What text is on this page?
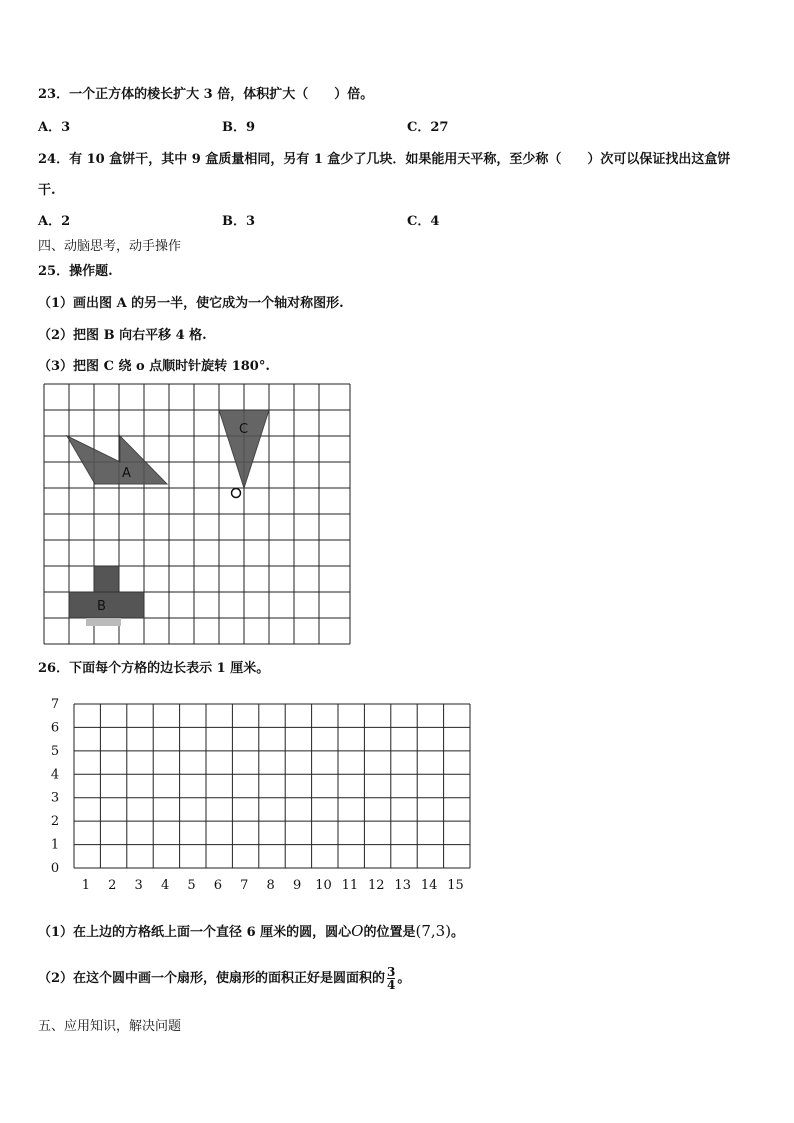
23．一个正方体的棱长扩大 3 倍，体积扩大（　　）倍。
A．3	B．9	C．27
24．有 10 盒饼干，其中 9 盒质量相同，另有 1 盒少了几块．如果能用天平称，至少称（　　）次可以保证找出这盒饼
干.
A．2	B．3	C．4
四、动脑思考，动手操作
25．操作题.
（1）画出图 A 的另一半，使它成为一个轴对称图形.
（2）把图 B 向右平移 4 格.
（3）把图 C 绕 o 点顺时针旋转 180°.
A
B
C
26．下面每个方格的边长表示 1 厘米。
0
1
2
3
4
5
6
7
1 2 3 4 5 6 7 8 9 10 11 12 13 14 15
（1）在上边的方格纸上面一个直径 6 厘米的圆，圆心O的位置是(7,3)。
（2）在这个圆中画一个扇形，使扇形的面积正好是圆面积的 $\frac{3}{4}$ 。
五、应用知识，解决问题
